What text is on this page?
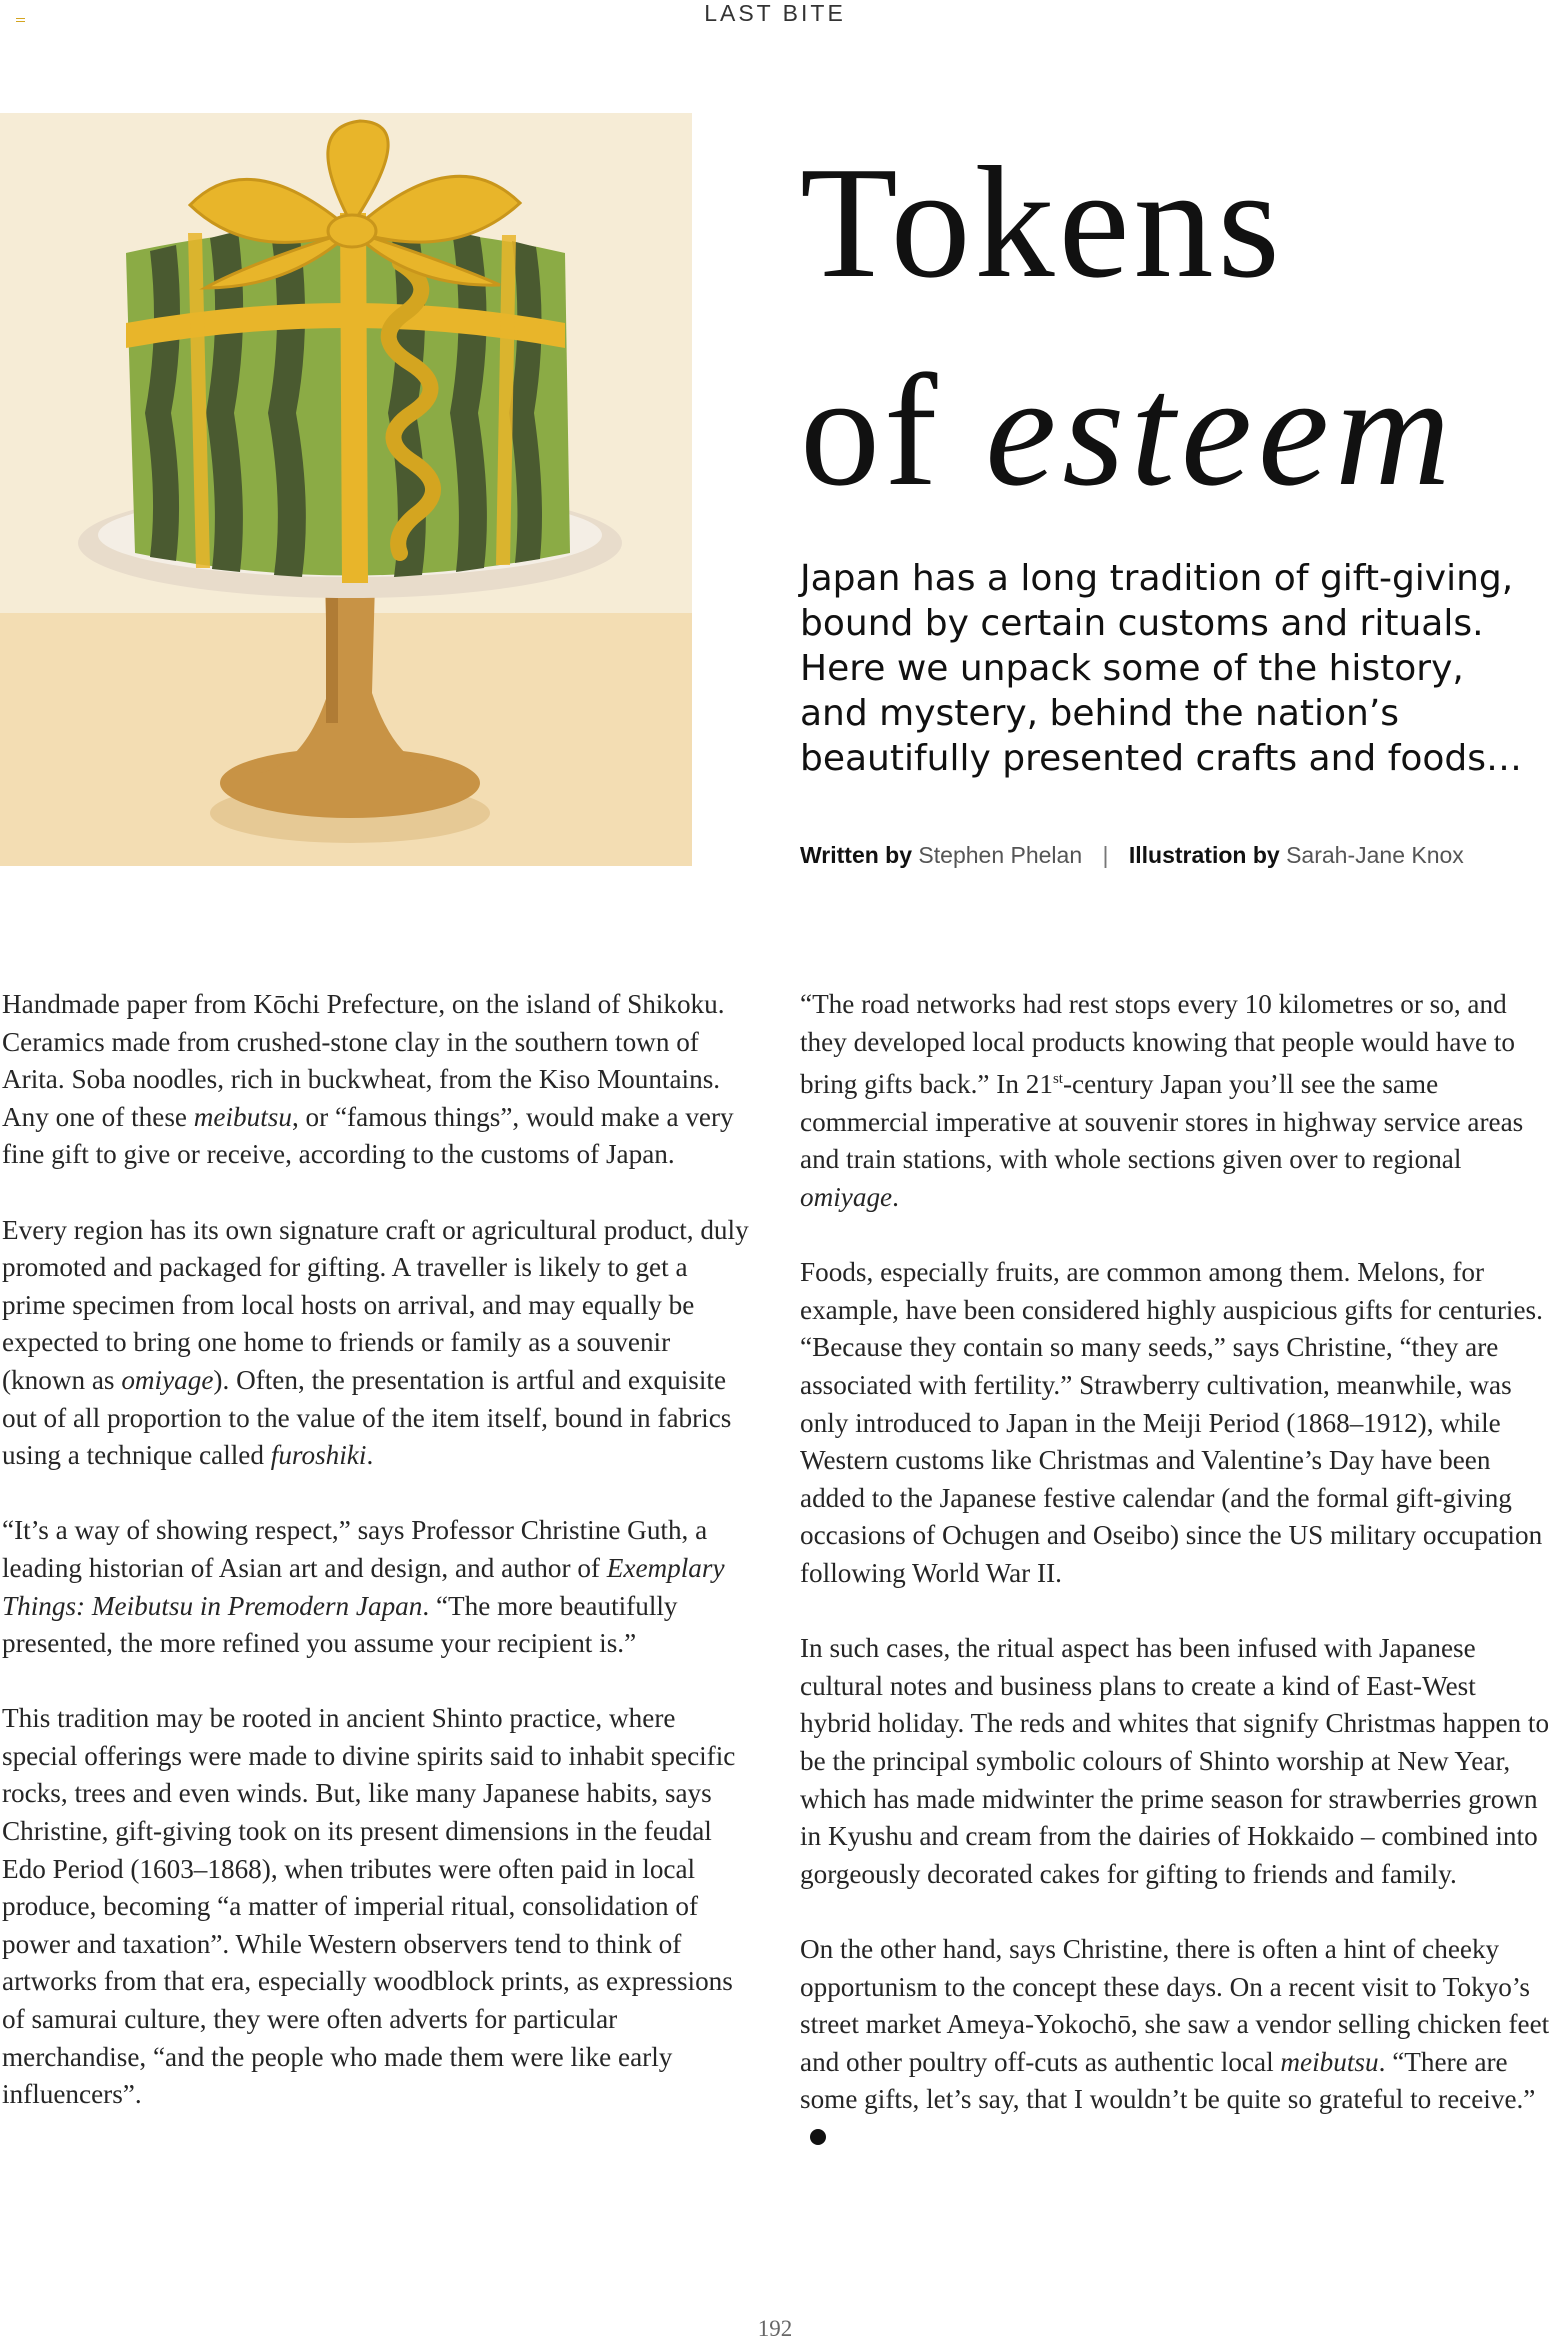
LAST BITE
Tokens
of esteem

Japan has a long tradition of gift-giving, bound by certain customs and rituals. Here we unpack some of the history, and mystery, behind the nation’s beautifully presented crafts and foods…

Written by Stephen Phelan | Illustration by Sarah-Jane Knox

Handmade paper from Kōchi Prefecture, on the island of Shikoku. Ceramics made from crushed-stone clay in the southern town of Arita. Soba noodles, rich in buckwheat, from the Kiso Mountains. Any one of these meibutsu, or “famous things”, would make a very fine gift to give or receive, according to the customs of Japan.

Every region has its own signature craft or agricultural product, duly promoted and packaged for gifting. A traveller is likely to get a prime specimen from local hosts on arrival, and may equally be expected to bring one home to friends or family as a souvenir (known as omiyage). Often, the presentation is artful and exquisite out of all proportion to the value of the item itself, bound in fabrics using a technique called furoshiki.

“It’s a way of showing respect,” says Professor Christine Guth, a leading historian of Asian art and design, and author of Exemplary Things: Meibutsu in Premodern Japan. “The more beautifully presented, the more refined you assume your recipient is.”

This tradition may be rooted in ancient Shinto practice, where special offerings were made to divine spirits said to inhabit specific rocks, trees and even winds. But, like many Japanese habits, says Christine, gift-giving took on its present dimensions in the feudal Edo Period (1603–1868), when tributes were often paid in local produce, becoming “a matter of imperial ritual, consolidation of power and taxation”. While Western observers tend to think of artworks from that era, especially woodblock prints, as expressions of samurai culture, they were often adverts for particular merchandise, “and the people who made them were like early influencers”.

“The road networks had rest stops every 10 kilometres or so, and they developed local products knowing that people would have to bring gifts back.” In 21st-century Japan you’ll see the same commercial imperative at souvenir stores in highway service areas and train stations, with whole sections given over to regional omiyage.

Foods, especially fruits, are common among them. Melons, for example, have been considered highly auspicious gifts for centuries. “Because they contain so many seeds,” says Christine, “they are associated with fertility.” Strawberry cultivation, meanwhile, was only introduced to Japan in the Meiji Period (1868–1912), while Western customs like Christmas and Valentine’s Day have been added to the Japanese festive calendar (and the formal gift-giving occasions of Ochugen and Oseibo) since the US military occupation following World War II.

In such cases, the ritual aspect has been infused with Japanese cultural notes and business plans to create a kind of East-West hybrid holiday. The reds and whites that signify Christmas happen to be the principal symbolic colours of Shinto worship at New Year, which has made midwinter the prime season for strawberries grown in Kyushu and cream from the dairies of Hokkaido – combined into gorgeously decorated cakes for gifting to friends and family.

On the other hand, says Christine, there is often a hint of cheeky opportunism to the concept these days. On a recent visit to Tokyo’s street market Ameya-Yokochō, she saw a vendor selling chicken feet and other poultry off-cuts as authentic local meibutsu. “There are some gifts, let’s say, that I wouldn’t be quite so grateful to receive.”

192
